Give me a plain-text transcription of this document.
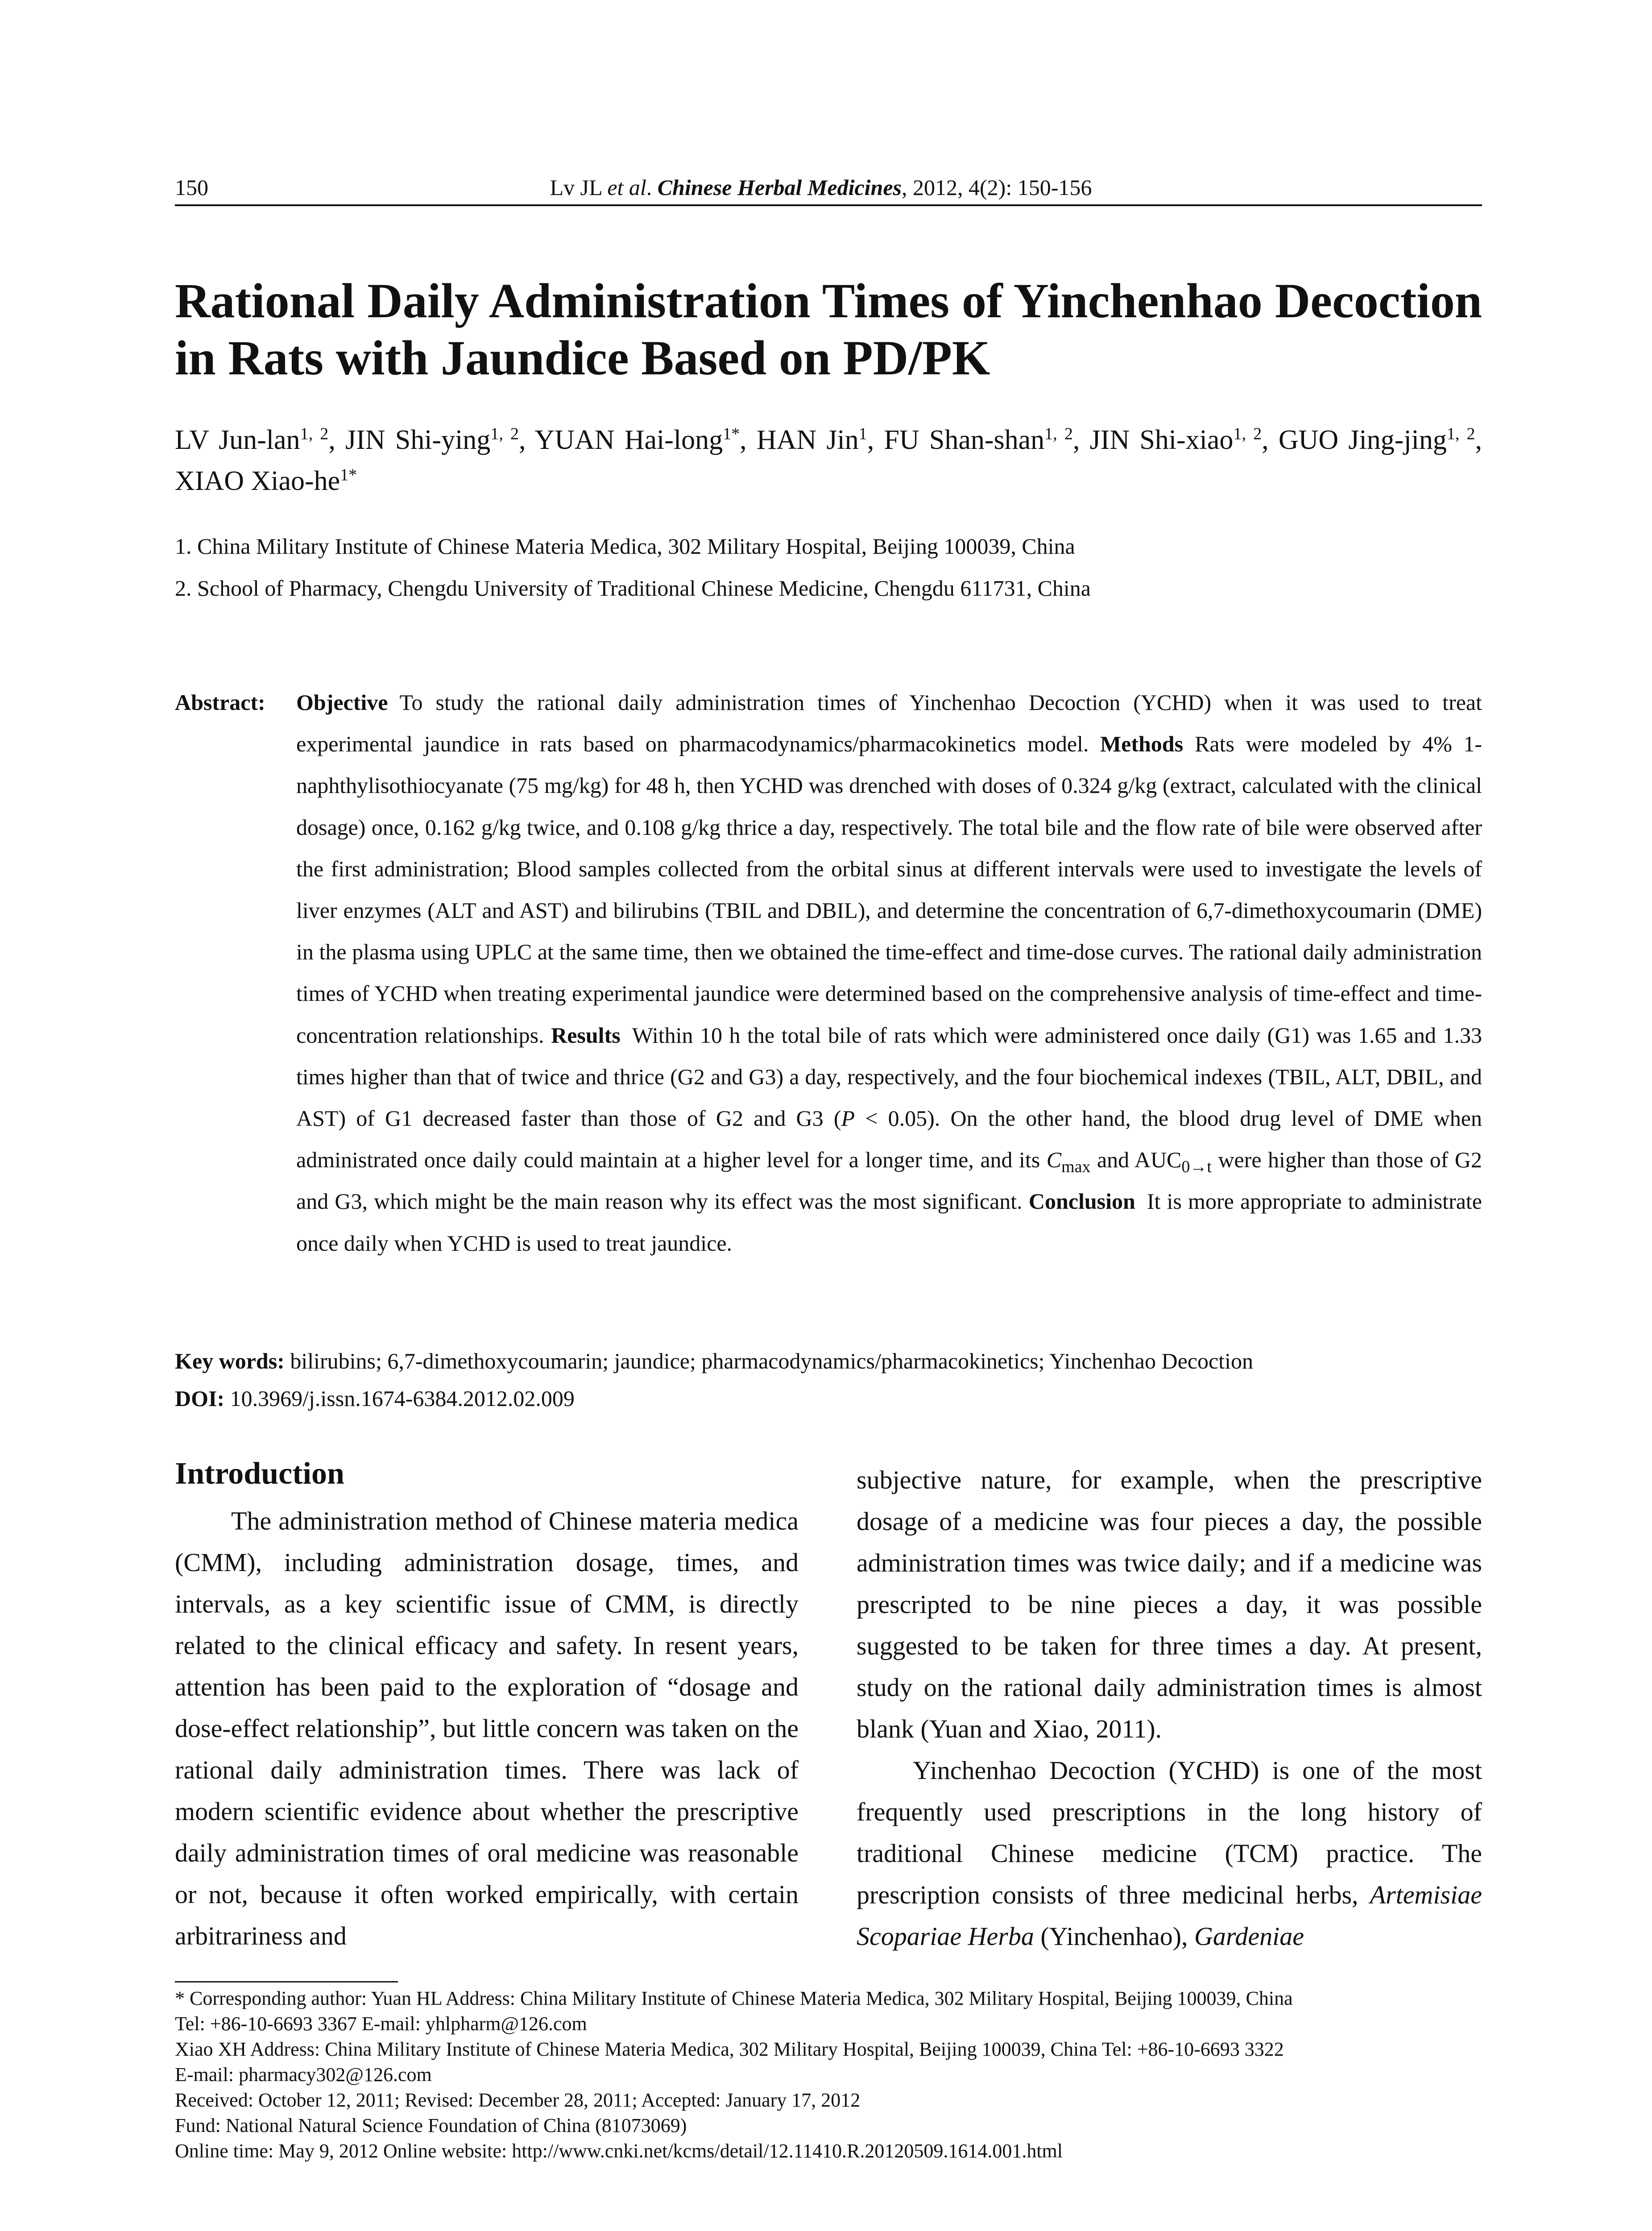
150	Lv JL et al. Chinese Herbal Medicines, 2012, 4(2): 150-156
Rational Daily Administration Times of Yinchenhao Decoction in Rats with Jaundice Based on PD/PK
LV Jun-lan$^{1, 2}$, JIN Shi-ying$^{1, 2}$, YUAN Hai-long$^{1*}$, HAN Jin$^1$, FU Shan-shan$^{1, 2}$, JIN Shi-xiao$^{1, 2}$, GUO Jing-jing$^{1, 2}$, XIAO Xiao-$he^{1*}$
1. China Military Institute of Chinese Materia Medica, 302 Military Hospital, Beijing 100039, China
2. School of Pharmacy, Chengdu University of Traditional Chinese Medicine, Chengdu 611731, China
Abstract: Objective To study the rational daily administration times of Yinchenhao Decoction (YCHD) when it was used to treat experimental jaundice in rats based on pharmacodynamics/pharmacokinetics model. Methods Rats were modeled by 4% 1-naphthylisothiocyanate (75 mg/kg) for 48 h, then YCHD was drenched with doses of 0.324 g/kg (extract, calculated with the clinical dosage) once, 0.162 g/kg twice, and 0.108 g/kg thrice a day, respectively. The total bile and the flow rate of bile were observed after the first administration; Blood samples collected from the orbital sinus at different intervals were used to investigate the levels of liver enzymes (ALT and AST) and bilirubins (TBIL and DBIL), and determine the concentration of 6,7-dimethoxycoumarin (DME) in the plasma using UPLC at the same time, then we obtained the time-effect and time-dose curves. The rational daily administration times of YCHD when treating experimental jaundice were determined based on the comprehensive analysis of time-effect and time-concentration relationships. Results Within 10 h the total bile of rats which were administered once daily (G1) was 1.65 and 1.33 times higher than that of twice and thrice (G2 and G3) a day, respectively, and the four biochemical indexes (TBIL, ALT, DBIL, and AST) of G1 decreased faster than those of G2 and G3 (P < 0.05). On the other hand, the blood drug level of DME when administrated once daily could maintain at a higher level for a longer time, and its $C_{max}$ and $AUC_{0\to t}$ were higher than those of G2 and G3, which might be the main reason why its effect was the most significant. Conclusion It is more appropriate to administrate once daily when YCHD is used to treat jaundice.
Key words: bilirubins; 6,7-dimethoxycoumarin; jaundice; pharmacodynamics/pharmacokinetics; Yinchenhao Decoction
DOI: 10.3969/j.issn.1674-6384.2012.02.009
Introduction

The administration method of Chinese materia medica (CMM), including administration dosage, times, and intervals, as a key scientific issue of CMM, is directly related to the clinical efficacy and safety. In resent years, attention has been paid to the exploration of “dosage and dose-effect relationship”, but little concern was taken on the rational daily administration times. There was lack of modern scientific evidence about whether the prescriptive daily administration times of oral medicine was reasonable or not, because it often worked empirically, with certain arbitrariness and

subjective nature, for example, when the prescriptive dosage of a medicine was four pieces a day, the possible administration times was twice daily; and if a medicine was prescripted to be nine pieces a day, it was possible suggested to be taken for three times a day. At present, study on the rational daily administration times is almost blank (Yuan and Xiao, 2011).

Yinchenhao Decoction (YCHD) is one of the most frequently used prescriptions in the long history of traditional Chinese medicine (TCM) practice. The prescription consists of three medicinal herbs, Artemisiae Scopariae Herba (Yinchenhao), Gardeniae

* Corresponding author: Yuan HL Address: China Military Institute of Chinese Materia Medica, 302 Military Hospital, Beijing 100039, China
Tel: +86-10-6693 3367 E-mail: yhlpharm@126.com
Xiao XH Address: China Military Institute of Chinese Materia Medica, 302 Military Hospital, Beijing 100039, China Tel: +86-10-6693 3322
E-mail: pharmacy302@126.com
Received: October 12, 2011; Revised: December 28, 2011; Accepted: January 17, 2012
Fund: National Natural Science Foundation of China (81073069)
Online time: May 9, 2012 Online website: http://www.cnki.net/kcms/detail/12.11410.R.20120509.1614.001.html
